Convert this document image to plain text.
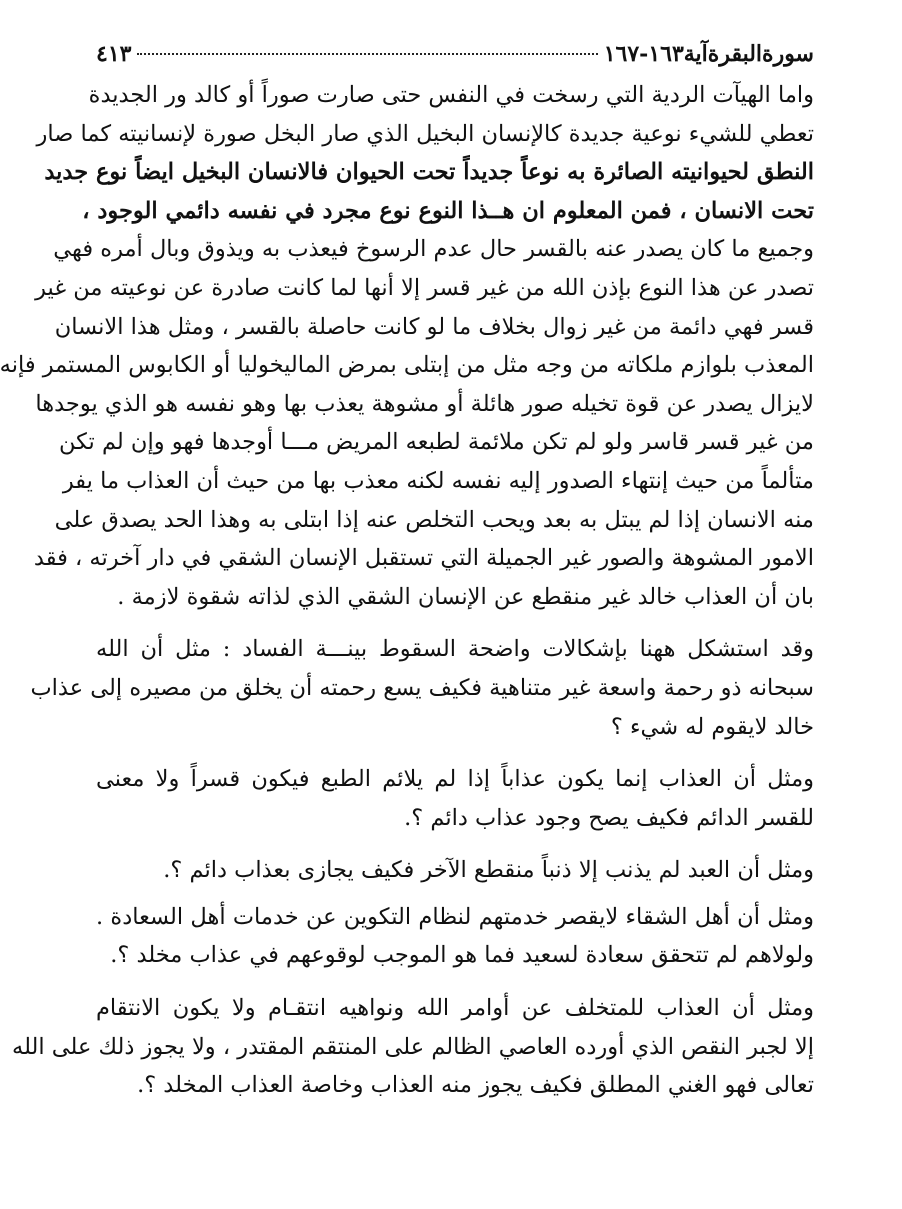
سورةالبقرةآية١٦٣-١٦٧
٤١٣

واما الهيآت الردية التي رسخت في النفس حتى صارت صوراً أو كالد ور الجديدة
تعطي للشيء نوعية جديدة كالإنسان البخيل الذي صار البخل صورة لإنسانيته كما صار
النطق لحيوانيته الصائرة به نوعاً جديداً تحت الحيوان فالانسان البخيل ايضاً نوع جديد
تحت الانسان ، فمن المعلوم ان هــذا النوع نوع مجرد في نفسه دائمي الوجود ،
وجميع ما كان يصدر عنه بالقسر حال عدم الرسوخ فيعذب به ويذوق وبال أمره فهي
تصدر عن هذا النوع بإذن الله من غير قسر إلا أنها لما كانت صادرة عن نوعيته من غير
قسر فهي دائمة من غير زوال بخلاف ما لو كانت حاصلة بالقسر ، ومثل هذا الانسان
المعذب بلوازم ملكاته من وجه مثل من إبتلى بمرض الماليخوليا أو الكابوس المستمر فإنه
لايزال يصدر عن قوة تخيله صور هائلة أو مشوهة يعذب بها وهو نفسه هو الذي يوجدها
من غير قسر قاسر ولو لم تكن ملائمة لطبعه المريض مـــا أوجدها فهو وإن لم تكن
متألماً من حيث إنتهاء الصدور إليه نفسه لكنه معذب بها من حيث أن العذاب ما يفر
منه الانسان إذا لم يبتل به بعد ويحب التخلص عنه إذا ابتلى به وهذا الحد يصدق على
الامور المشوهة والصور غير الجميلة التي تستقبل الإنسان الشقي في دار آخرته ، فقد
بان أن العذاب خالد غير منقطع عن الإنسان الشقي الذي لذاته شقوة لازمة .

وقد استشكل ههنا بإشكالات واضحة السقوط بينـــة الفساد : مثل أن الله
سبحانه ذو رحمة واسعة غير متناهية فكيف يسع رحمته أن يخلق من مصيره إلى عذاب
خالد لايقوم له شيء ؟

ومثل أن العذاب إنما يكون عذاباً إذا لم يلائم الطبع فيكون قسراً ولا معنى
للقسر الدائم فكيف يصح وجود عذاب دائم ؟.

ومثل أن العبد لم يذنب إلا ذنباً منقطع الآخر فكيف يجازى بعذاب دائم ؟.

ومثل أن أهل الشقاء لايقصر خدمتهم لنظام التكوين عن خدمات أهل السعادة .
ولولاهم لم تتحقق سعادة لسعيد فما هو الموجب لوقوعهم في عذاب مخلد ؟.

ومثل أن العذاب للمتخلف عن أوامر الله ونواهيه انتقـام ولا يكون الانتقام
إلا لجبر النقص الذي أورده العاصي الظالم على المنتقم المقتدر ، ولا يجوز ذلك على الله
تعالى فهو الغني المطلق فكيف يجوز منه العذاب وخاصة العذاب المخلد ؟.
